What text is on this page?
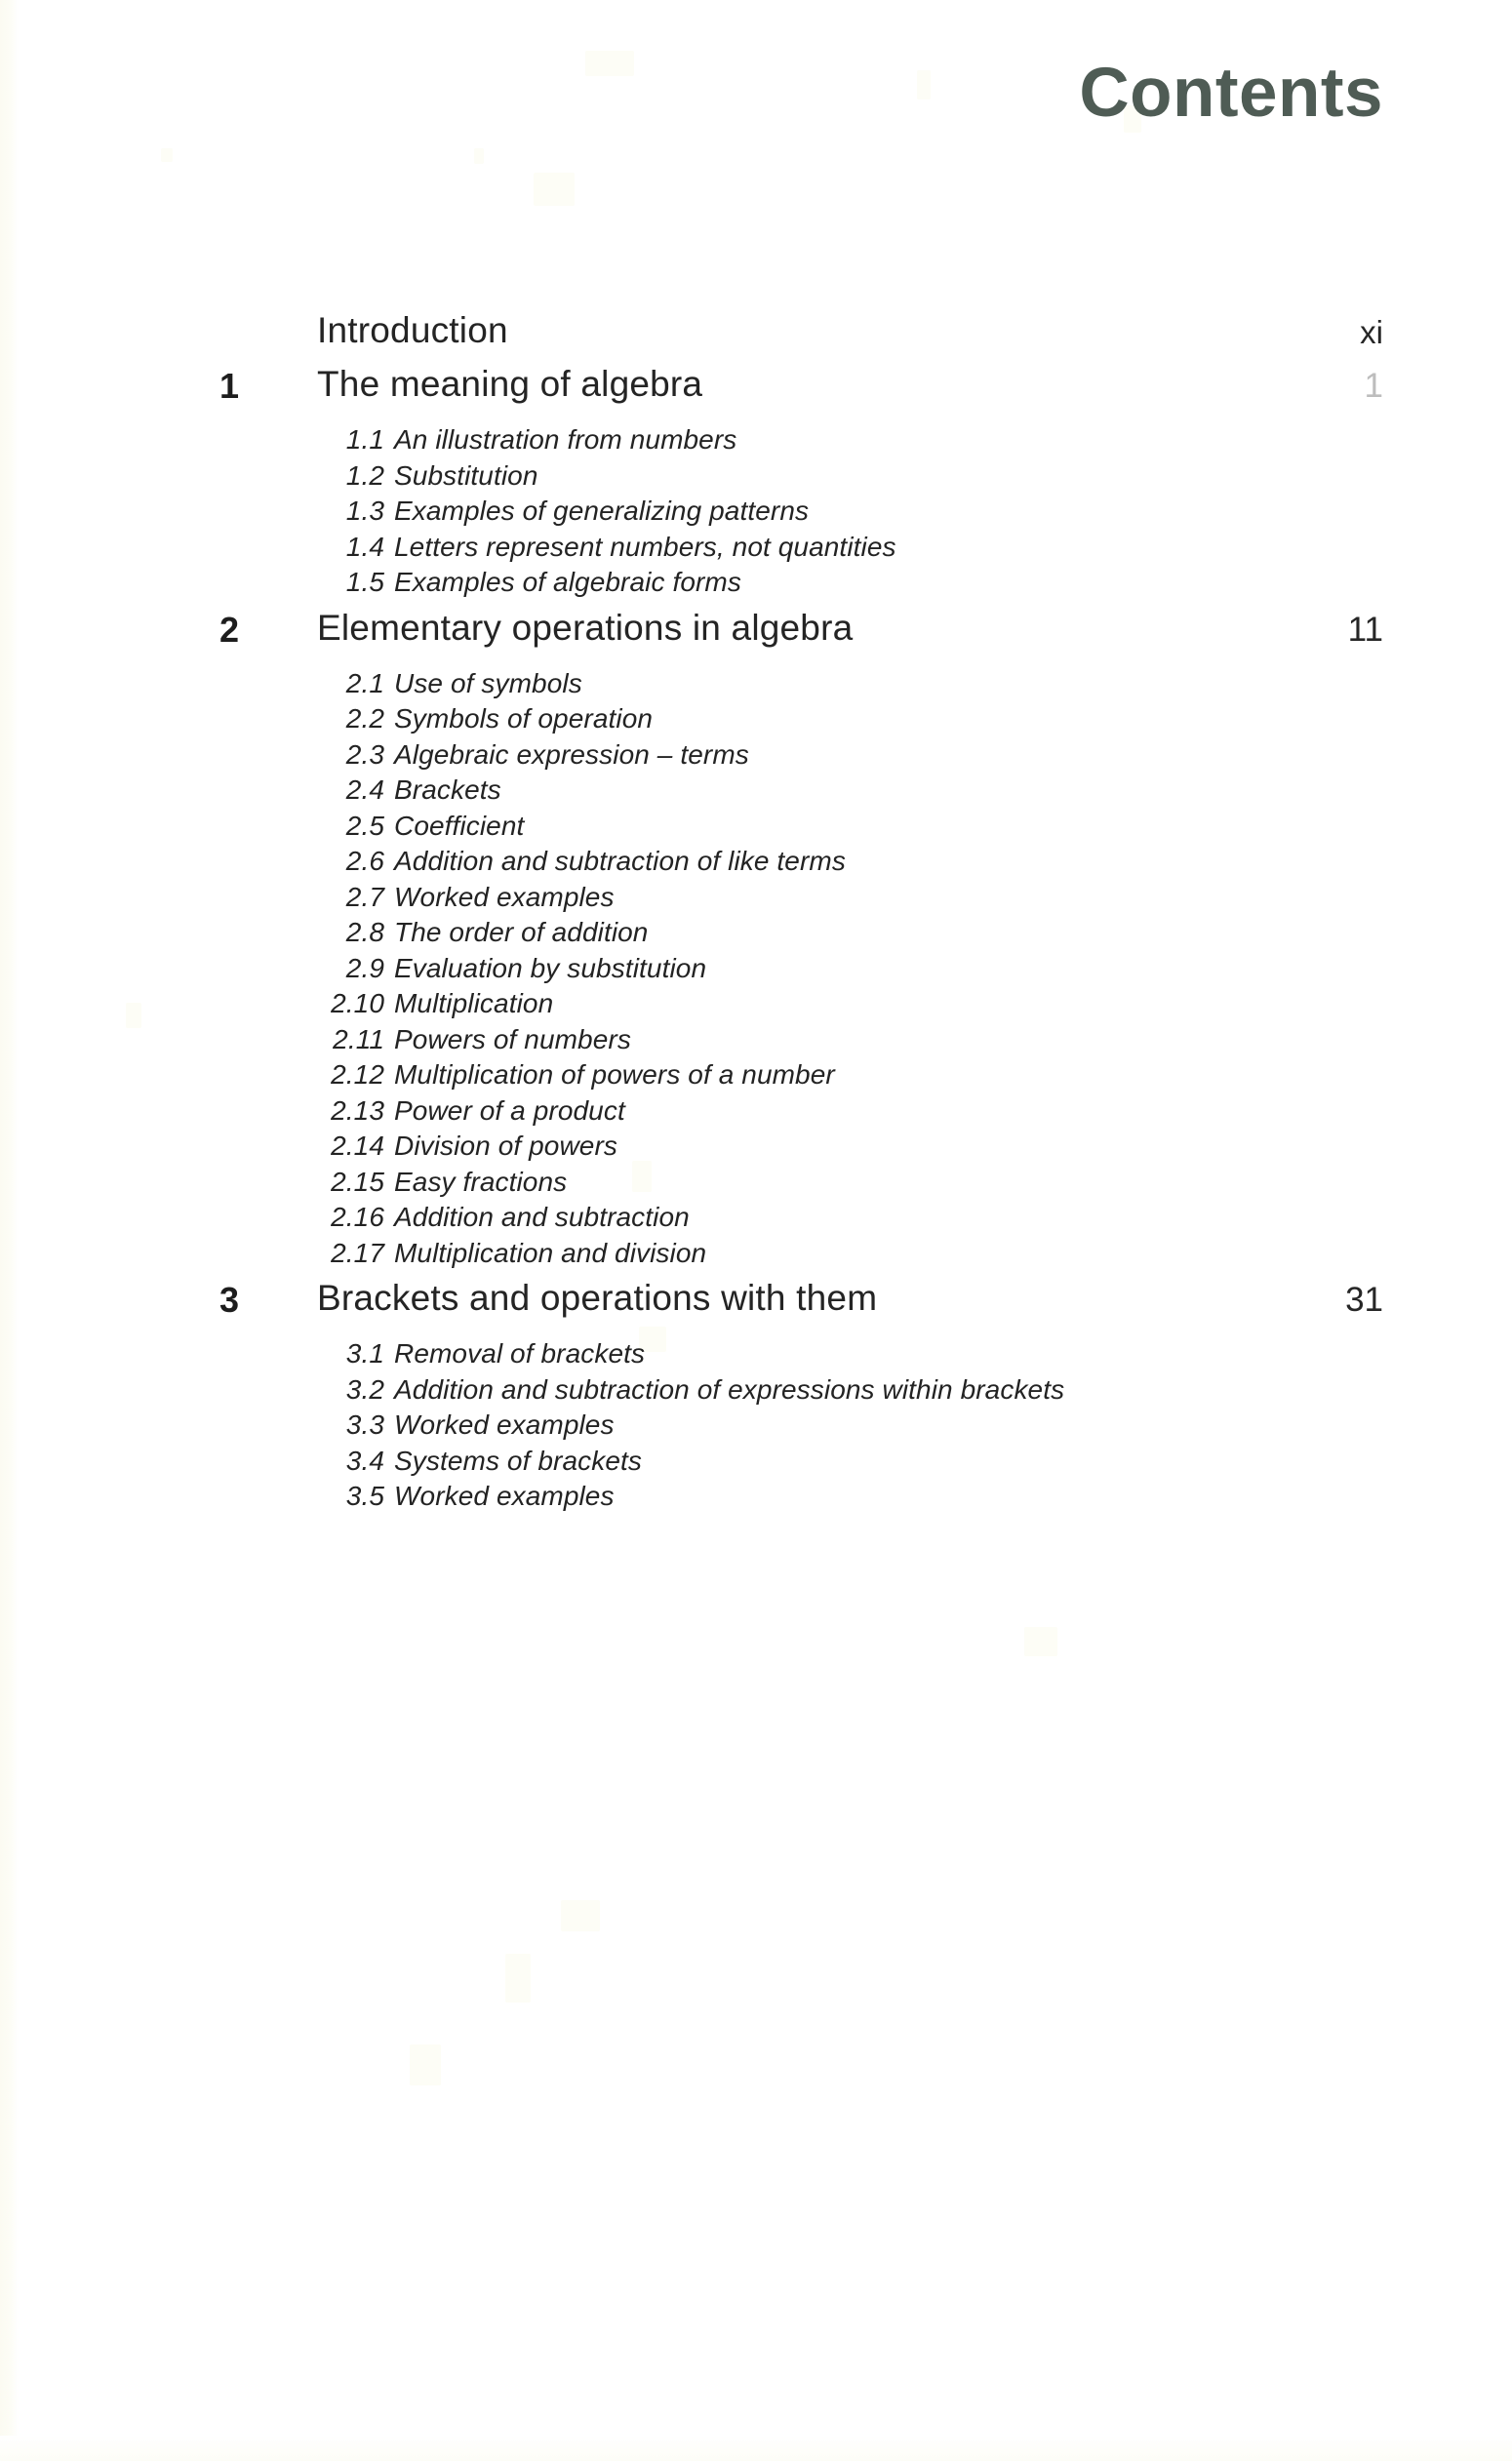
Contents
Introduction	xi
1	The meaning of algebra	1
1.1 An illustration from numbers
1.2 Substitution
1.3 Examples of generalizing patterns
1.4 Letters represent numbers, not quantities
1.5 Examples of algebraic forms
2	Elementary operations in algebra	11
2.1 Use of symbols
2.2 Symbols of operation
2.3 Algebraic expression – terms
2.4 Brackets
2.5 Coefficient
2.6 Addition and subtraction of like terms
2.7 Worked examples
2.8 The order of addition
2.9 Evaluation by substitution
2.10 Multiplication
2.11 Powers of numbers
2.12 Multiplication of powers of a number
2.13 Power of a product
2.14 Division of powers
2.15 Easy fractions
2.16 Addition and subtraction
2.17 Multiplication and division
3	Brackets and operations with them	31
3.1 Removal of brackets
3.2 Addition and subtraction of expressions within brackets
3.3 Worked examples
3.4 Systems of brackets
3.5 Worked examples
